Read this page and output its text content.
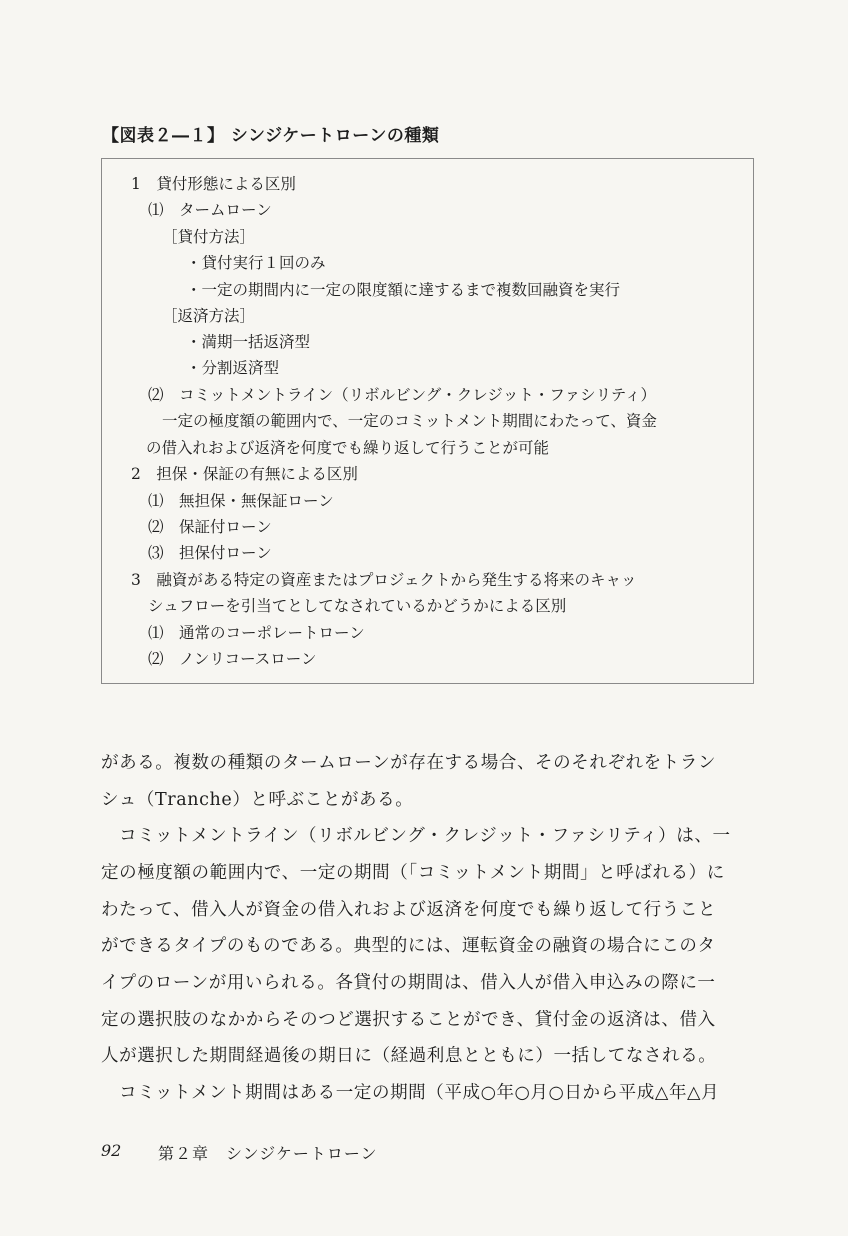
【図表２―１】 シンジケートローンの種類
1　貸付形態による区別
⑴　タームローン
［貸付方法］
・貸付実行１回のみ
・一定の期間内に一定の限度額に達するまで複数回融資を実行
［返済方法］
・満期一括返済型
・分割返済型
⑵　コミットメントライン（リボルビング・クレジット・ファシリティ）
一定の極度額の範囲内で、一定のコミットメント期間にわたって、資金
の借入れおよび返済を何度でも繰り返して行うことが可能
2　担保・保証の有無による区別
⑴　無担保・無保証ローン
⑵　保証付ローン
⑶　担保付ローン
3　融資がある特定の資産またはプロジェクトから発生する将来のキャッ
シュフローを引当てとしてなされているかどうかによる区別
⑴　通常のコーポレートローン
⑵　ノンリコースローン
がある。複数の種類のタームローンが存在する場合、そのそれぞれをトラン
シュ（Tranche）と呼ぶことがある。
　コミットメントライン（リボルビング・クレジット・ファシリティ）は、一
定の極度額の範囲内で、一定の期間（「コミットメント期間」と呼ばれる）に
わたって、借入人が資金の借入れおよび返済を何度でも繰り返して行うこと
ができるタイプのものである。典型的には、運転資金の融資の場合にこのタ
イプのローンが用いられる。各貸付の期間は、借入人が借入申込みの際に一
定の選択肢のなかからそのつど選択することができ、貸付金の返済は、借入
人が選択した期間経過後の期日に（経過利息とともに）一括してなされる。
　コミットメント期間はある一定の期間（平成○年○月○日から平成△年△月
92 第２章　シンジケートローン
